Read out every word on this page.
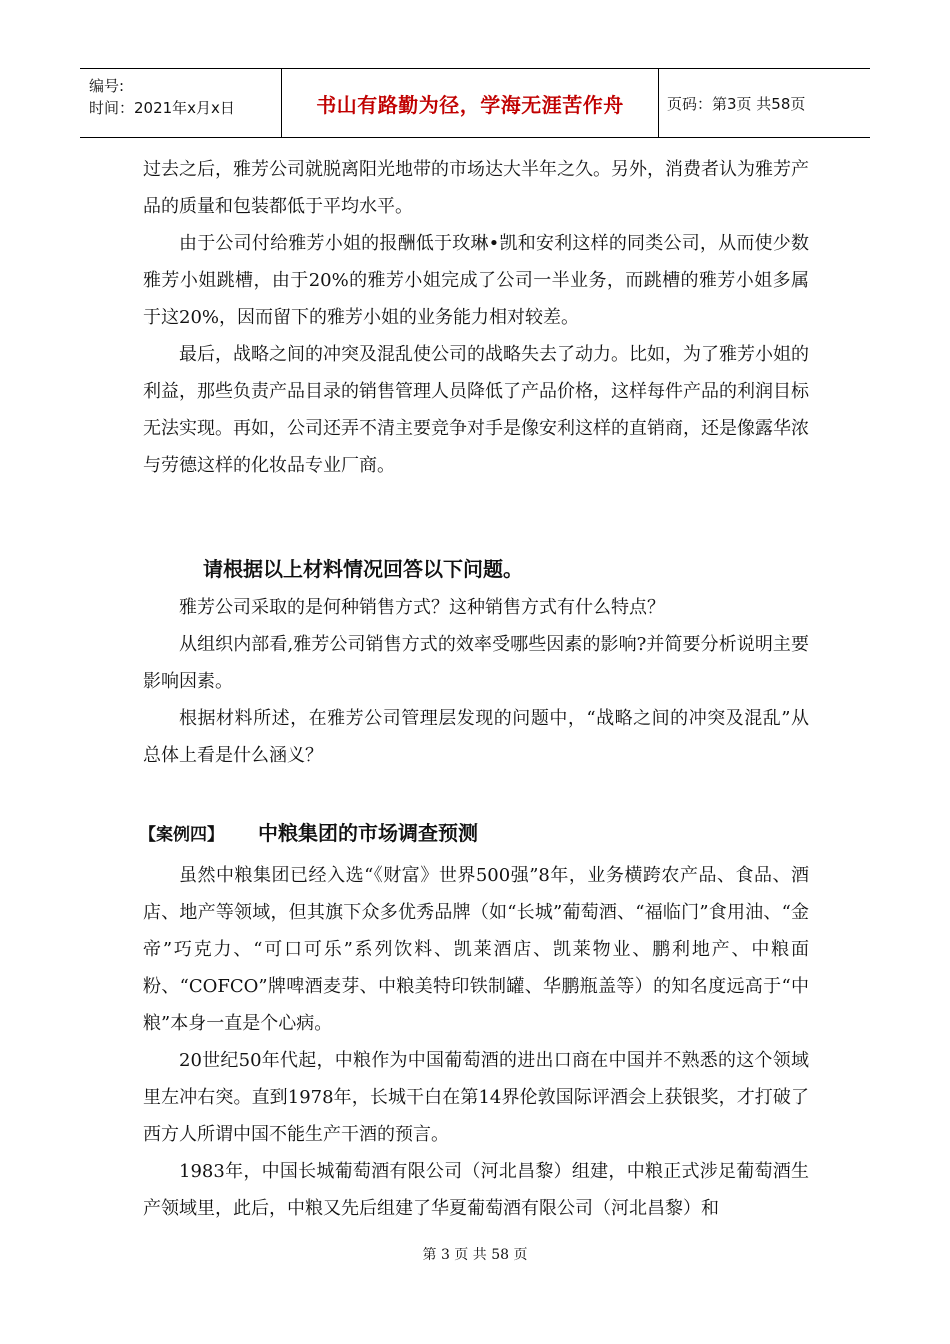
编号:
时间：2021年x月x日	书山有路勤为径，学海无涯苦作舟	页码：第3页 共58页

过去之后，雅芳公司就脱离阳光地带的市场达大半年之久。另外，消费者认为雅芳产品的质量和包装都低于平均水平。

由于公司付给雅芳小姐的报酬低于玫琳•凯和安利这样的同类公司，从而使少数雅芳小姐跳槽，由于20%的雅芳小姐完成了公司一半业务，而跳槽的雅芳小姐多属于这20%，因而留下的雅芳小姐的业务能力相对较差。

最后，战略之间的冲突及混乱使公司的战略失去了动力。比如，为了雅芳小姐的利益，那些负责产品目录的销售管理人员降低了产品价格，这样每件产品的利润目标无法实现。再如，公司还弄不清主要竞争对手是像安利这样的直销商，还是像露华浓与劳德这样的化妆品专业厂商。

请根据以上材料情况回答以下问题。

雅芳公司采取的是何种销售方式？这种销售方式有什么特点？

从组织内部看,雅芳公司销售方式的效率受哪些因素的影响?并简要分析说明主要影响因素。

根据材料所述，在雅芳公司管理层发现的问题中，“战略之间的冲突及混乱”从总体上看是什么涵义？

【案例四】 中粮集团的市场调查预测

虽然中粮集团已经入选“《财富》世界500强”8年，业务横跨农产品、食品、酒店、地产等领域，但其旗下众多优秀品牌（如“长城”葡萄酒、“福临门”食用油、“金帝”巧克力、“可口可乐”系列饮料、凯莱酒店、凯莱物业、鹏利地产、中粮面粉、“COFCO”牌啤酒麦芽、中粮美特印铁制罐、华鹏瓶盖等）的知名度远高于“中粮”本身一直是个心病。

20世纪50年代起，中粮作为中国葡萄酒的进出口商在中国并不熟悉的这个领域里左冲右突。直到1978年，长城干白在第14界伦敦国际评酒会上获银奖，才打破了西方人所谓中国不能生产干酒的预言。

1983年，中国长城葡萄酒有限公司（河北昌黎）组建，中粮正式涉足葡萄酒生产领域里，此后，中粮又先后组建了华夏葡萄酒有限公司（河北昌黎）和

第 3 页 共 58 页
